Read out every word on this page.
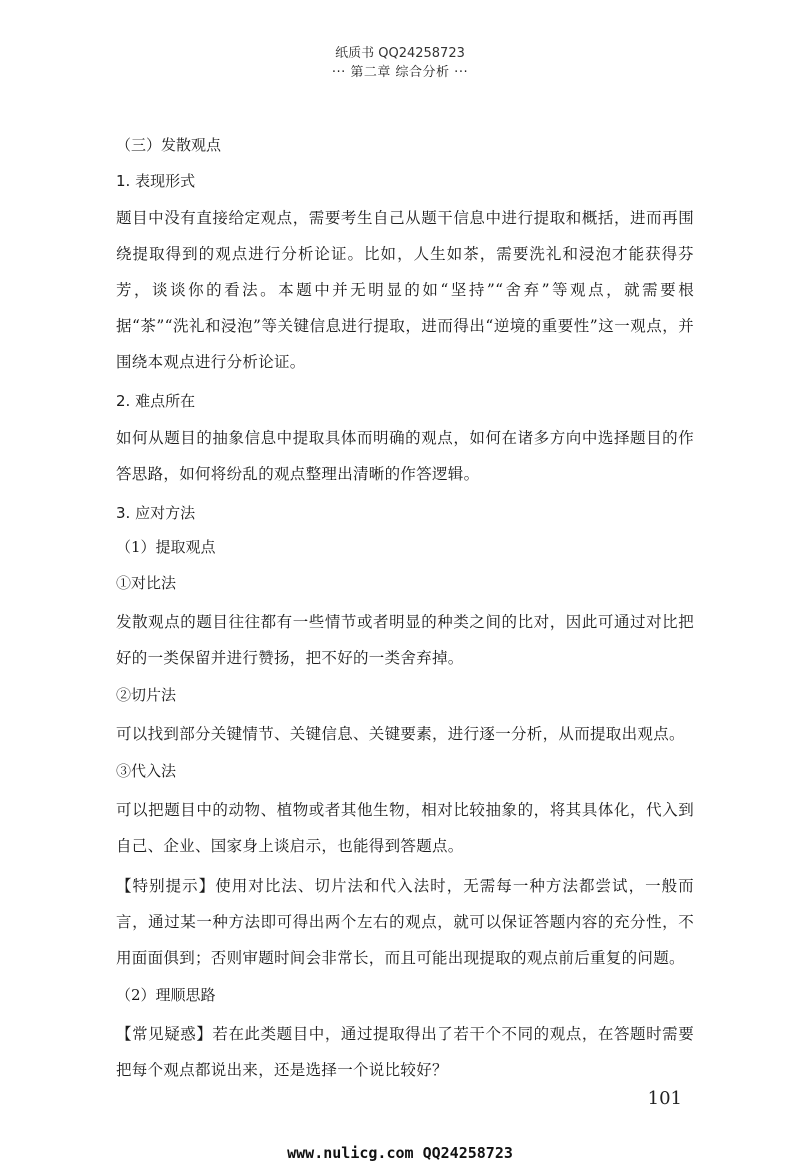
纸质书 QQ24258723
··· 第二章 综合分析 ···
（三）发散观点
1. 表现形式

题目中没有直接给定观点，需要考生自己从题干信息中进行提取和概括，进而再围绕提取得到的观点进行分析论证。比如，人生如茶，需要洗礼和浸泡才能获得芬芳，谈谈你的看法。本题中并无明显的如“坚持”“舍弃”等观点，就需要根据“茶”“洗礼和浸泡”等关键信息进行提取，进而得出“逆境的重要性”这一观点，并围绕本观点进行分析论证。

2. 难点所在

如何从题目的抽象信息中提取具体而明确的观点，如何在诸多方向中选择题目的作答思路，如何将纷乱的观点整理出清晰的作答逻辑。

3. 应对方法
（1）提取观点
①对比法

发散观点的题目往往都有一些情节或者明显的种类之间的比对，因此可通过对比把好的一类保留并进行赞扬，把不好的一类舍弃掉。

②切片法

可以找到部分关键情节、关键信息、关键要素，进行逐一分析，从而提取出观点。

③代入法

可以把题目中的动物、植物或者其他生物，相对比较抽象的，将其具体化，代入到自己、企业、国家身上谈启示，也能得到答题点。

【特别提示】使用对比法、切片法和代入法时，无需每一种方法都尝试，一般而言，通过某一种方法即可得出两个左右的观点，就可以保证答题内容的充分性，不用面面俱到；否则审题时间会非常长，而且可能出现提取的观点前后重复的问题。

（2）理顺思路

【常见疑惑】若在此类题目中，通过提取得出了若干个不同的观点，在答题时需要把每个观点都说出来，还是选择一个说比较好？

101
www.nulicg.com QQ24258723
